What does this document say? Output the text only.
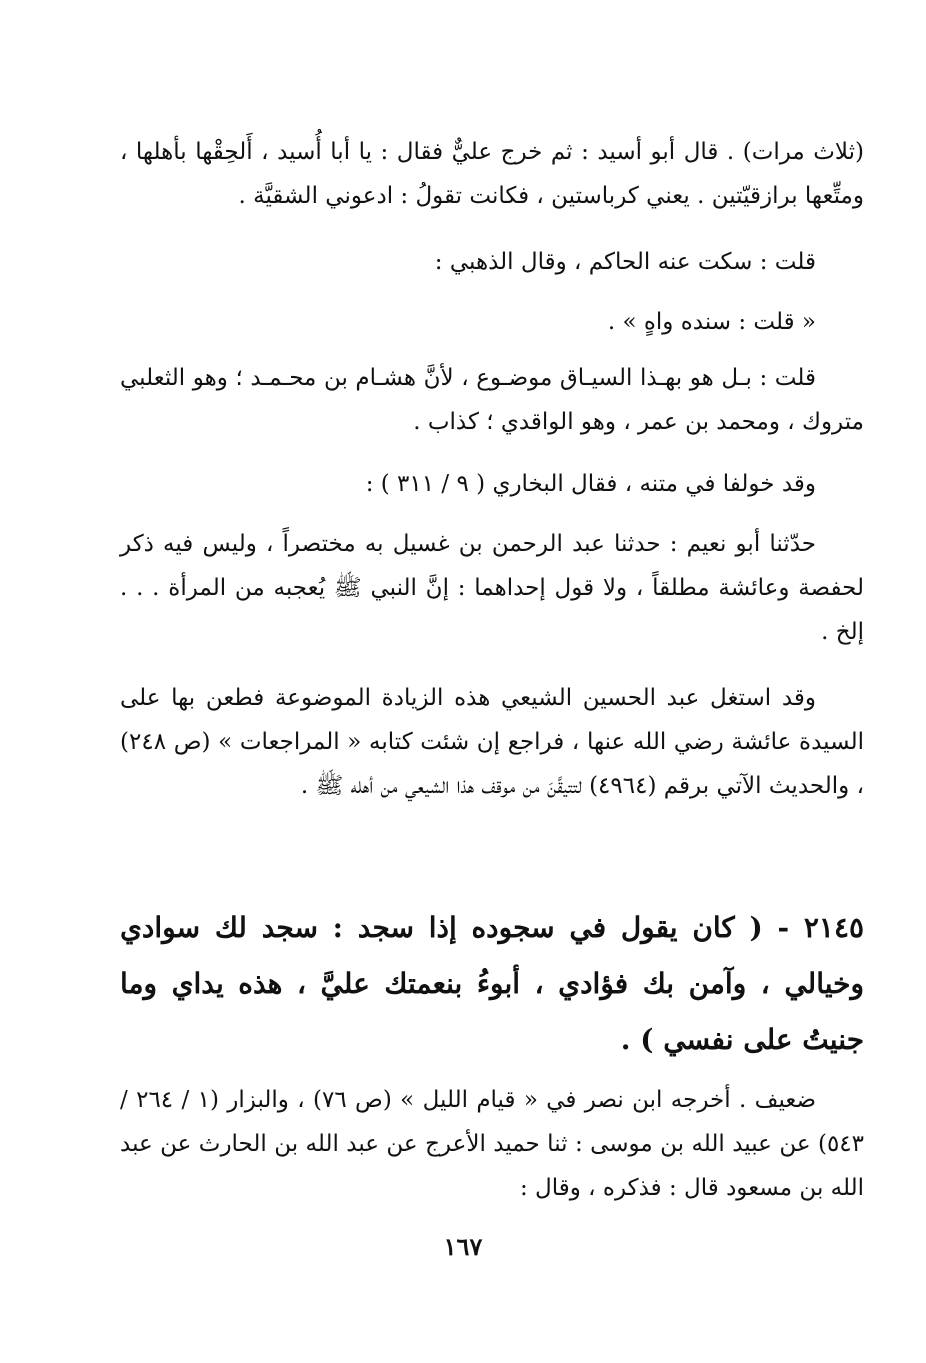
(ثلاث مرات) . قال أبو أسيد : ثم خرج عليٌّ فقال : يا أبا أُسيد ، أَلحِقْها بأهلها ، ومتِّعها برازقيّتين . يعني كرباستين ، فكانت تقولُ : ادعوني الشقيَّة .

قلت : سكت عنه الحاكم ، وقال الذهبي :

« قلت : سنده واهٍ » .

قلت : بـل هو بهـذا السيـاق موضـوع ، لأنَّ هشـام بن محـمـد ؛ وهو الثعلبي متروك ، ومحمد بن عمر ، وهو الواقدي ؛ كذاب .

وقد خولفا في متنه ، فقال البخاري ( ٩ / ٣١١ ) :

حدّثنا أبو نعيم : حدثنا عبد الرحمن بن غسيل به مختصراً ، وليس فيه ذكر لحفصة وعائشة مطلقاً ، ولا قول إحداهما : إنَّ النبي ﷺ يُعجبه من المرأة . . . إلخ .

وقد استغل عبد الحسين الشيعي هذه الزيادة الموضوعة فطعن بها على السيدة عائشة رضي الله عنها ، فراجع إن شئت كتابه « المراجعات » (ص ٢٤٨) ، والحديث الآتي برقم (٤٩٦٤) لتتيقَّنَ من موقف هذا الشيعي من أهله ﷺ .

٢١٤٥ - ( كان يقول في سجوده إذا سجد : سجد لك سوادي وخيالي ، وآمن بك فؤادي ، أبوءُ بنعمتك عليَّ ، هذه يداي وما جنيتُ على نفسي ) .

ضعيف . أخرجه ابن نصر في « قيام الليل » (ص ٧٦) ، والبزار (١ / ٢٦٤ / ٥٤٣) عن عبيد الله بن موسى : ثنا حميد الأعرج عن عبد الله بن الحارث عن عبد الله بن مسعود قال : فذكره ، وقال :

١٦٧
